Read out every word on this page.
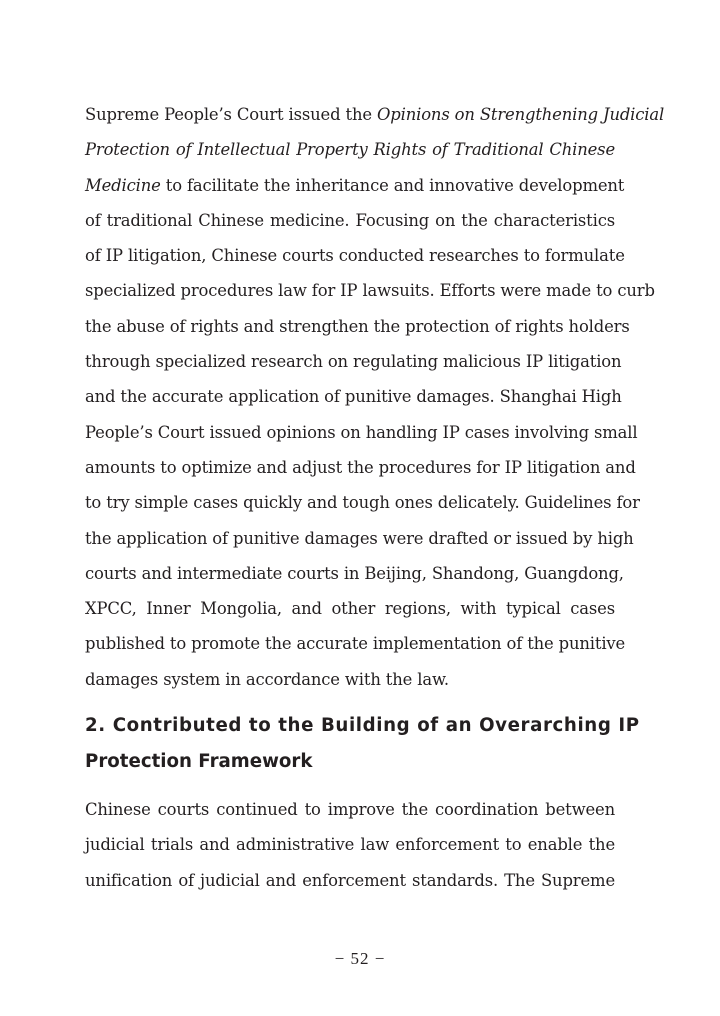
Supreme People’s Court issued the Opinions on Strengthening Judicial
Protection of Intellectual Property Rights of Traditional Chinese
Medicine to facilitate the inheritance and innovative development
of traditional Chinese medicine. Focusing on the characteristics
of IP litigation, Chinese courts conducted researches to formulate
specialized procedures law for IP lawsuits. Efforts were made to curb
the abuse of rights and strengthen the protection of rights holders
through specialized research on regulating malicious IP litigation
and the accurate application of punitive damages. Shanghai High
People’s Court issued opinions on handling IP cases involving small
amounts to optimize and adjust the procedures for IP litigation and
to try simple cases quickly and tough ones delicately. Guidelines for
the application of punitive damages were drafted or issued by high
courts and intermediate courts in Beijing, Shandong, Guangdong,
XPCC, Inner Mongolia, and other regions, with typical cases
published to promote the accurate implementation of the punitive
damages system in accordance with the law.
2. Contributed to the Building of an Overarching IP
Protection Framework
Chinese courts continued to improve the coordination between
judicial trials and administrative law enforcement to enable the
unification of judicial and enforcement standards. The Supreme
− 52 −
